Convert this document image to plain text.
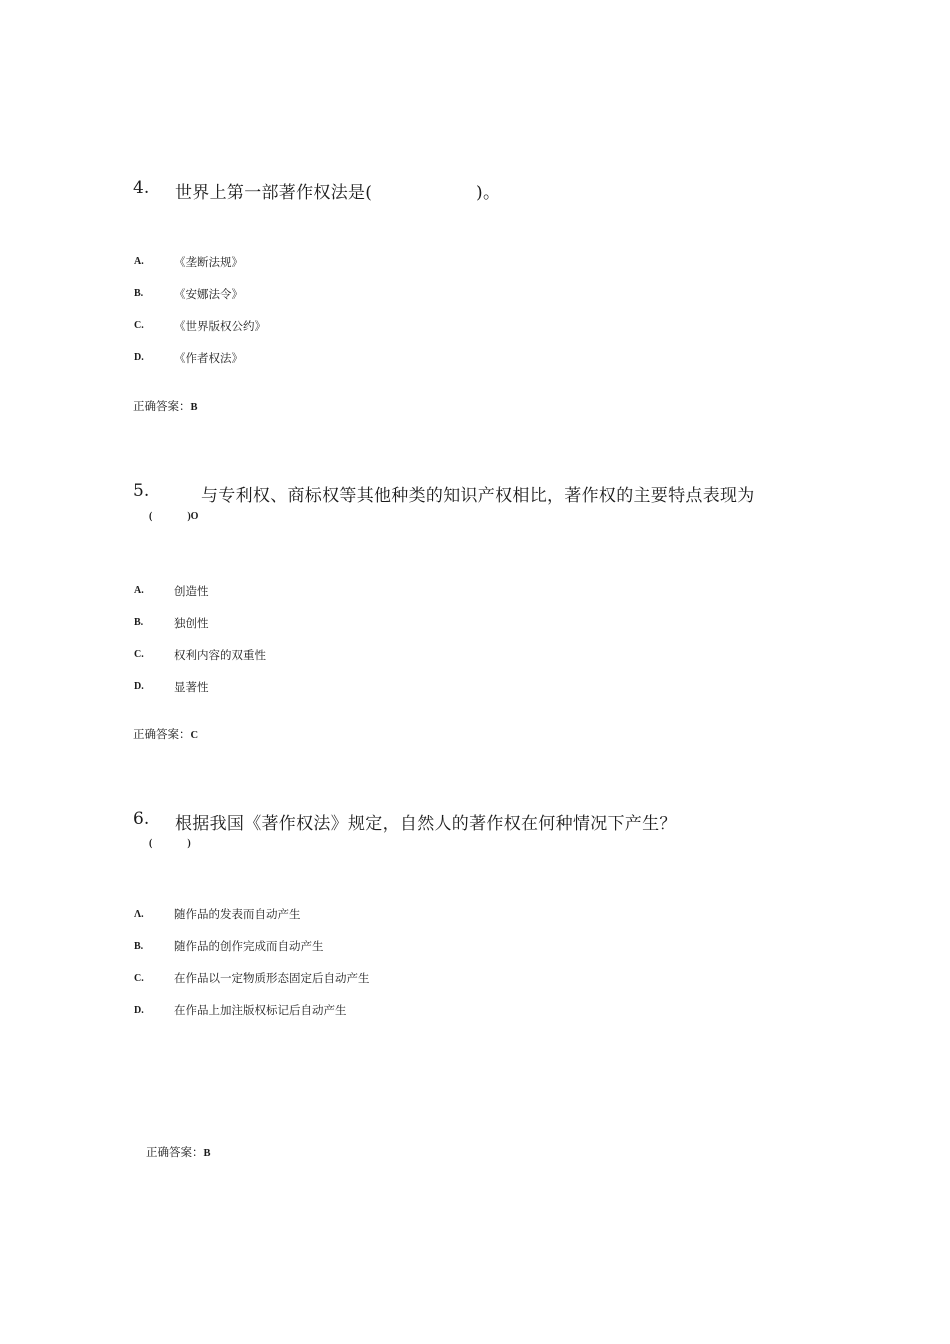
4. 世界上第一部著作权法是(　　　　　　)。
A.	《垄断法规》
B.	《安娜法令》
C.	《世界版权公约》
D.	《作者权法》
正确答案：B
5.	与专利权、商标权等其他种类的知识产权相比，著作权的主要特点表现为
(              )O
A.	创造性
B.	独创性
C.	权利内容的双重性
D.	显著性
正确答案：C
6. 根据我国《著作权法》规定，自然人的著作权在何种情况下产生？
(              )
Λ.	随作品的发表而自动产生
B.	随作品的创作完成而自动产生
C.	在作品以一定物质形态固定后自动产生
D.	在作品上加注版权标记后自动产生
正确答案：B
